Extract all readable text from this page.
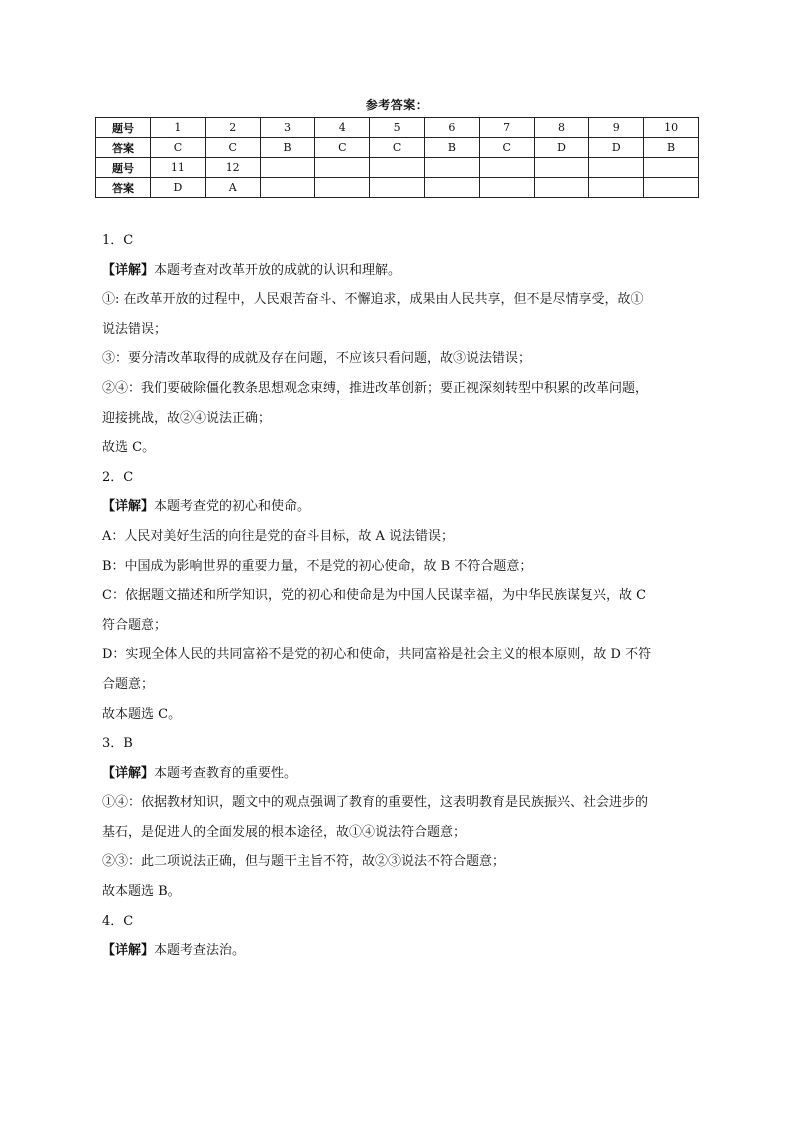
参考答案：
题号	1	2	3	4	5	6	7	8	9	10
答案	C	C	B	C	C	B	C	D	D	B
题号	11	12								
答案	D	A								

1．C

【详解】本题考查对改革开放的成就的认识和理解。

①: 在改革开放的过程中，人民艰苦奋斗、不懈追求，成果由人民共享，但不是尽情享受，故①

说法错误；

③：要分清改革取得的成就及存在问题，不应该只看问题，故③说法错误；

②④：我们要破除僵化教条思想观念束缚，推进改革创新；要正视深刻转型中积累的改革问题，

迎接挑战，故②④说法正确；

故选 C。

2．C

【详解】本题考查党的初心和使命。

A：人民对美好生活的向往是党的奋斗目标，故 A 说法错误；

B：中国成为影响世界的重要力量，不是党的初心使命，故 B 不符合题意；

C：依据题文描述和所学知识，党的初心和使命是为中国人民谋幸福，为中华民族谋复兴，故 C

符合题意；

D：实现全体人民的共同富裕不是党的初心和使命，共同富裕是社会主义的根本原则，故 D 不符

合题意；

故本题选 C。

3．B

【详解】本题考查教育的重要性。

①④：依据教材知识，题文中的观点强调了教育的重要性，这表明教育是民族振兴、社会进步的

基石，是促进人的全面发展的根本途径，故①④说法符合题意；

②③：此二项说法正确，但与题干主旨不符，故②③说法不符合题意；

故本题选 B。

4．C

【详解】本题考查法治。
